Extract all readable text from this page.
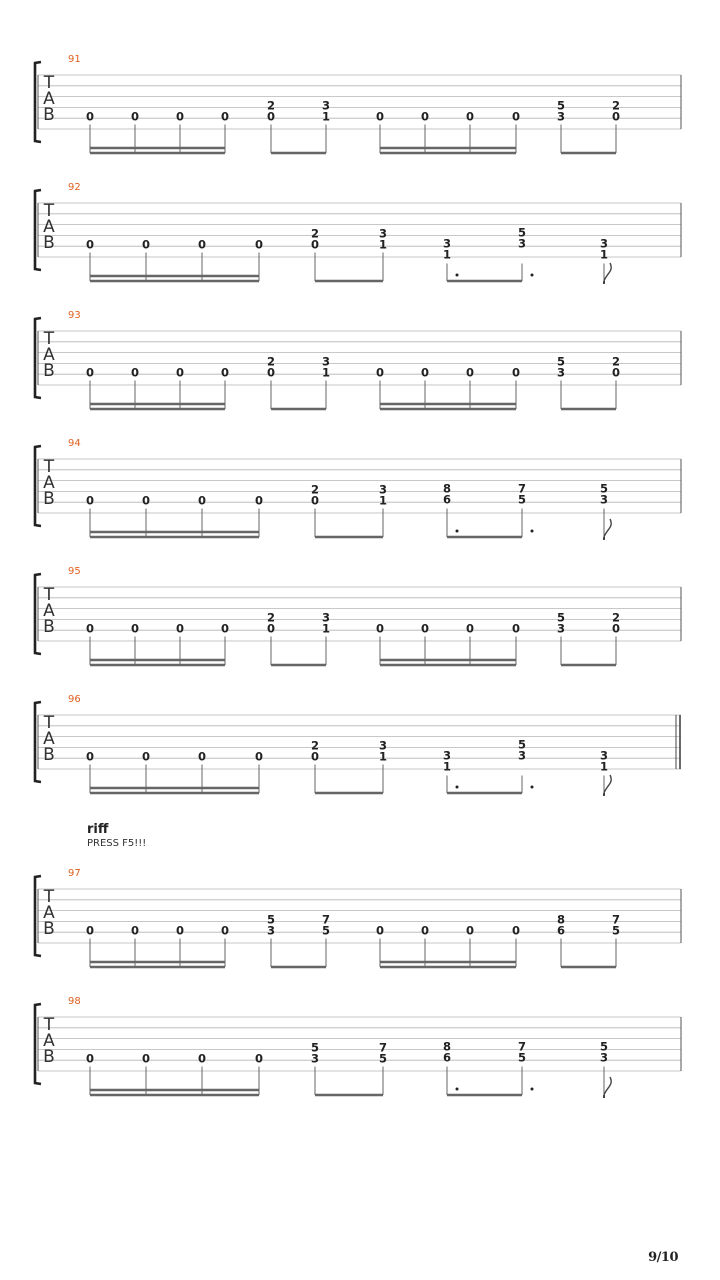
T
A
B
91
0	0	0	0
2
0
3
1	0	0	0	0
5
3
2
0
T
A
B
92
0	0	0	0
2
0
3
1	3
1
5
3	3
1
T
A
B
93
0	0	0	0
2
0
3
1	0	0	0	0
5
3
2
0
T
A
B
94
0	0	0	0
2
0
3
1
8
6
7
5
5
3
T
A
B
95
0	0	0	0
2
0
3
1	0	0	0	0
5
3
2
0
T
A
B
96
0	0	0	0
2
0
3
1	3
1
5
3	3
1
T
A
B
97
0	0	0	0
5
3
7
5	0	0	0	0
8
6
7
5
T
A
B
98
0	0	0	0
5
3
7
5
8
6
7
5
5
3
riff
PRESS F5!!!
9/10
